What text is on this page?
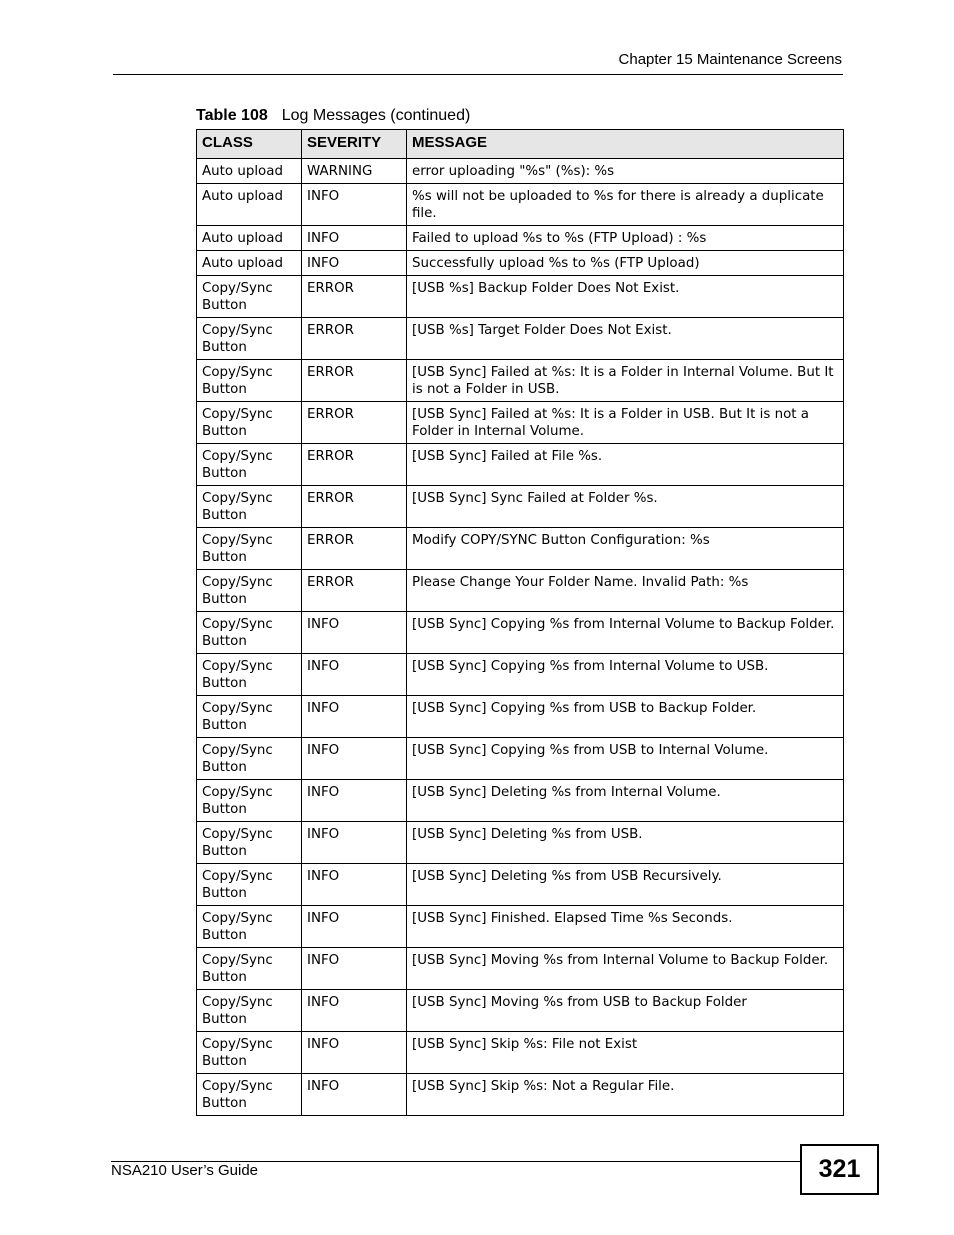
Chapter 15 Maintenance Screens
Table 108 Log Messages (continued)
CLASS	SEVERITY	MESSAGE
Auto upload	WARNING	error uploading "%s" (%s): %s
Auto upload	INFO	%s will not be uploaded to %s for there is already a duplicate file.
Auto upload	INFO	Failed to upload %s to %s (FTP Upload) : %s
Auto upload	INFO	Successfully upload %s to %s (FTP Upload)
Copy/Sync Button	ERROR	[USB %s] Backup Folder Does Not Exist.
Copy/Sync Button	ERROR	[USB %s] Target Folder Does Not Exist.
Copy/Sync Button	ERROR	[USB Sync] Failed at %s: It is a Folder in Internal Volume. But It is not a Folder in USB.
Copy/Sync Button	ERROR	[USB Sync] Failed at %s: It is a Folder in USB. But It is not a Folder in Internal Volume.
Copy/Sync Button	ERROR	[USB Sync] Failed at File %s.
Copy/Sync Button	ERROR	[USB Sync] Sync Failed at Folder %s.
Copy/Sync Button	ERROR	Modify COPY/SYNC Button Configuration: %s
Copy/Sync Button	ERROR	Please Change Your Folder Name. Invalid Path: %s
Copy/Sync Button	INFO	[USB Sync] Copying %s from Internal Volume to Backup Folder.
Copy/Sync Button	INFO	[USB Sync] Copying %s from Internal Volume to USB.
Copy/Sync Button	INFO	[USB Sync] Copying %s from USB to Backup Folder.
Copy/Sync Button	INFO	[USB Sync] Copying %s from USB to Internal Volume.
Copy/Sync Button	INFO	[USB Sync] Deleting %s from Internal Volume.
Copy/Sync Button	INFO	[USB Sync] Deleting %s from USB.
Copy/Sync Button	INFO	[USB Sync] Deleting %s from USB Recursively.
Copy/Sync Button	INFO	[USB Sync] Finished. Elapsed Time %s Seconds.
Copy/Sync Button	INFO	[USB Sync] Moving %s from Internal Volume to Backup Folder.
Copy/Sync Button	INFO	[USB Sync] Moving %s from USB to Backup Folder
Copy/Sync Button	INFO	[USB Sync] Skip %s: File not Exist
Copy/Sync Button	INFO	[USB Sync] Skip %s: Not a Regular File.
NSA210 User’s Guide	321
